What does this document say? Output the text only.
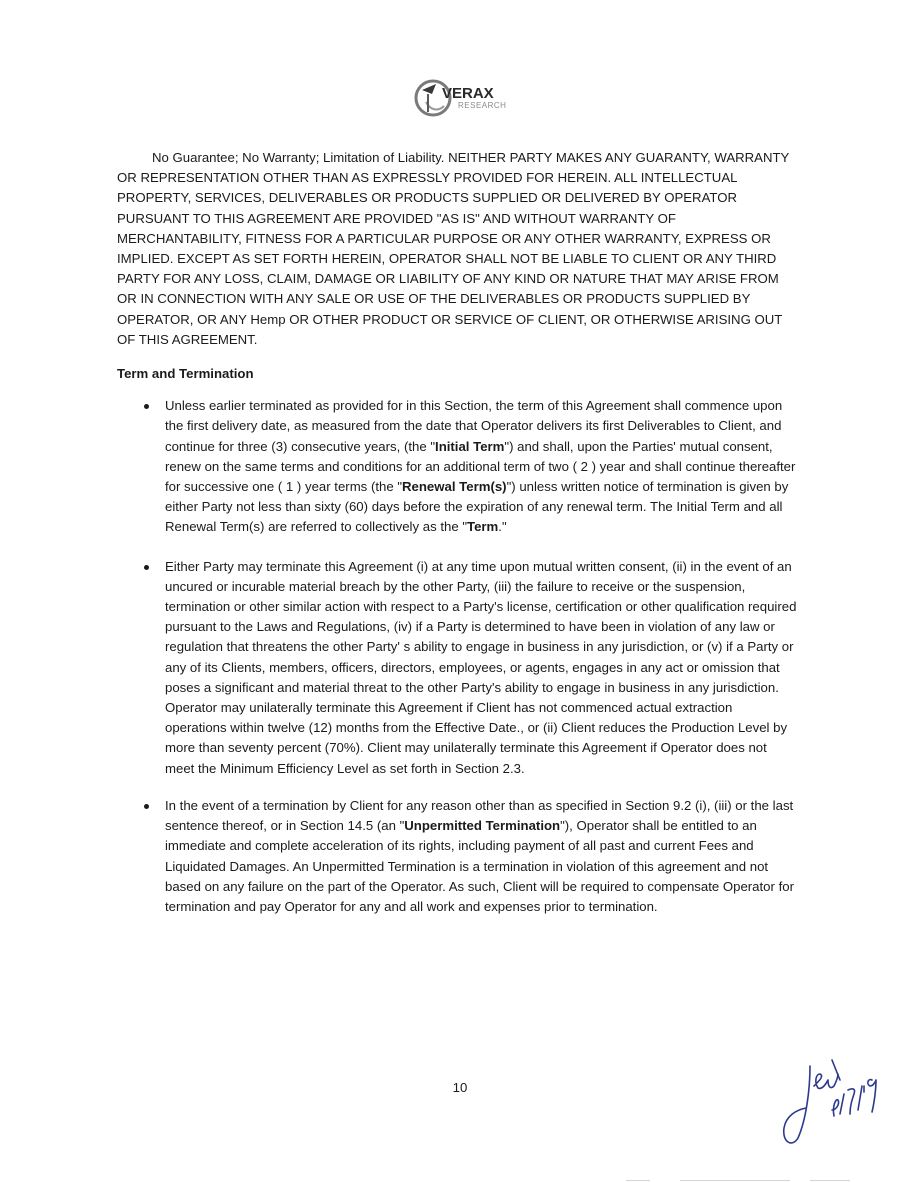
VERAX
RESEARCH

No Guarantee; No Warranty; Limitation of Liability. NEITHER PARTY MAKES ANY GUARANTY, WARRANTY OR REPRESENTATION OTHER THAN AS EXPRESSLY PROVIDED FOR HEREIN. ALL INTELLECTUAL PROPERTY, SERVICES, DELIVERABLES OR PRODUCTS SUPPLIED OR DELIVERED BY OPERATOR PURSUANT TO THIS AGREEMENT ARE PROVIDED "AS IS" AND WITHOUT WARRANTY OF MERCHANTABILITY, FITNESS FOR A PARTICULAR PURPOSE OR ANY OTHER WARRANTY, EXPRESS OR IMPLIED. EXCEPT AS SET FORTH HEREIN, OPERATOR SHALL NOT BE LIABLE TO CLIENT OR ANY THIRD PARTY FOR ANY LOSS, CLAIM, DAMAGE OR LIABILITY OF ANY KIND OR NATURE THAT MAY ARISE FROM OR IN CONNECTION WITH ANY SALE OR USE OF THE DELIVERABLES OR PRODUCTS SUPPLIED BY OPERATOR, OR ANY Hemp OR OTHER PRODUCT OR SERVICE OF CLIENT, OR OTHERWISE ARISING OUT OF THIS AGREEMENT.

Term and Termination

Unless earlier terminated as provided for in this Section, the term of this Agreement shall commence upon the first delivery date, as measured from the date that Operator delivers its first Deliverables to Client, and continue for three (3) consecutive years, (the "Initial Term") and shall, upon the Parties' mutual consent, renew on the same terms and conditions for an additional term of two ( 2 ) year and shall continue thereafter for successive one ( 1 ) year terms (the "Renewal Term(s)") unless written notice of termination is given by either Party not less than sixty (60) days before the expiration of any renewal term. The Initial Term and all Renewal Term(s) are referred to collectively as the "Term."
Either Party may terminate this Agreement (i) at any time upon mutual written consent, (ii) in the event of an uncured or incurable material breach by the other Party, (iii) the failure to receive or the suspension, termination or other similar action with respect to a Party's license, certification or other qualification required pursuant to the Laws and Regulations, (iv) if a Party is determined to have been in violation of any law or regulation that threatens the other Party' s ability to engage in business in any jurisdiction, or (v) if a Party or any of its Clients, members, officers, directors, employees, or agents, engages in any act or omission that poses a significant and material threat to the other Party's ability to engage in business in any jurisdiction. Operator may unilaterally terminate this Agreement if Client has not commenced actual extraction operations within twelve (12) months from the Effective Date., or (ii) Client reduces the Production Level by more than seventy percent (70%). Client may unilaterally terminate this Agreement if Operator does not meet the Minimum Efficiency Level as set forth in Section 2.3.
In the event of a termination by Client for any reason other than as specified in Section 9.2 (i), (iii) or the last sentence thereof, or in Section 14.5 (an "Unpermitted Termination"), Operator shall be entitled to an immediate and complete acceleration of its rights, including payment of all past and current Fees and Liquidated Damages. An Unpermitted Termination is a termination in violation of this agreement and not based on any failure on the part of the Operator. As such, Client will be required to compensate Operator for termination and pay Operator for any and all work and expenses prior to termination.
10
